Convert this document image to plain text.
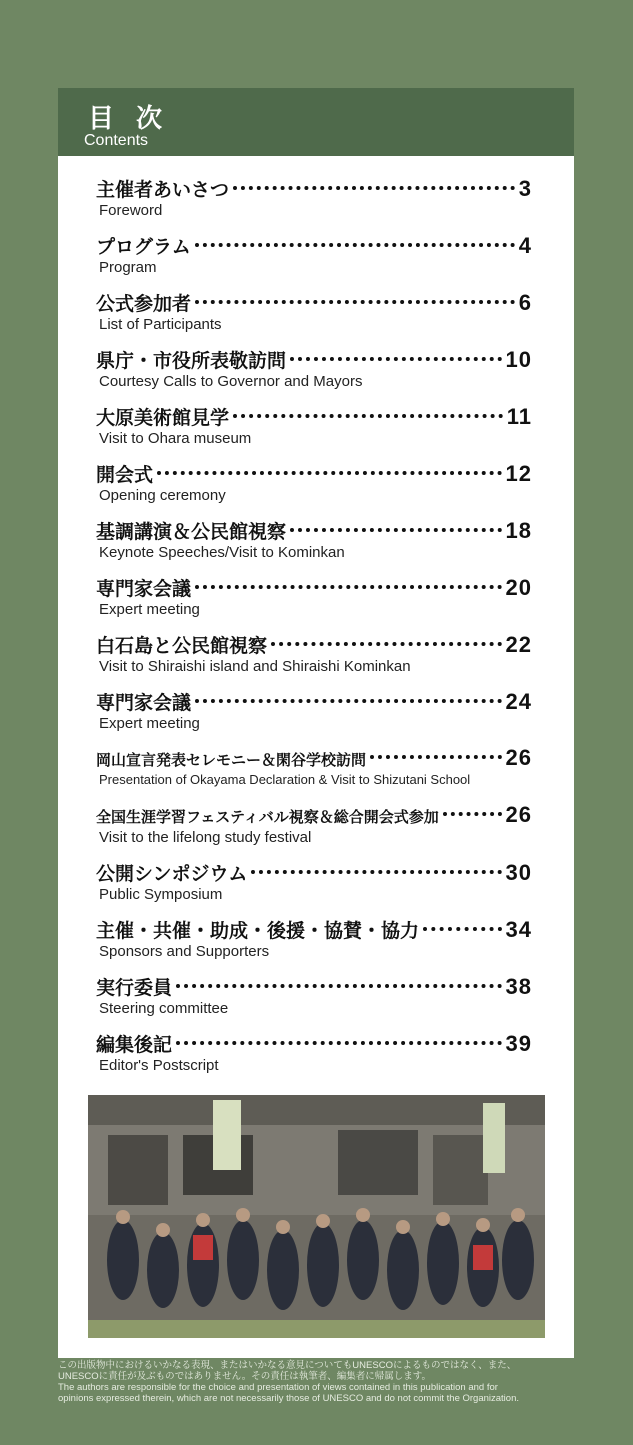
目次
Contents
主催者あいさつ	3
Foreword
プログラム	4
Program
公式参加者	6
List of Participants
県庁・市役所表敬訪問	10
Courtesy Calls to Governor and Mayors
大原美術館見学	11
Visit to Ohara museum
開会式	12
Opening ceremony
基調講演＆公民館視察	18
Keynote Speeches/Visit to Kominkan
専門家会議	20
Expert meeting
白石島と公民館視察	22
Visit to Shiraishi island and Shiraishi Kominkan
専門家会議	24
Expert meeting
岡山宣言発表セレモニー＆閑谷学校訪問	26
Presentation of Okayama Declaration & Visit to Shizutani School
全国生涯学習フェスティバル視察＆総合開会式参加	26
Visit to the lifelong study festival
公開シンポジウム	30
Public Symposium
主催・共催・助成・後援・協賛・協力	34
Sponsors and Supporters
実行委員	38
Steering committee
編集後記	39
Editor's Postscript
この出版物中におけるいかなる表現、またはいかなる意見についてもUNESCOによるものではなく、また、
UNESCOに責任が及ぶものではありません。その責任は執筆者、編集者に帰属します。
The authors are responsible for the choice and presentation of views contained in this publication and for
opinions expressed therein, which are not necessarily those of UNESCO and do not commit the Organization.
